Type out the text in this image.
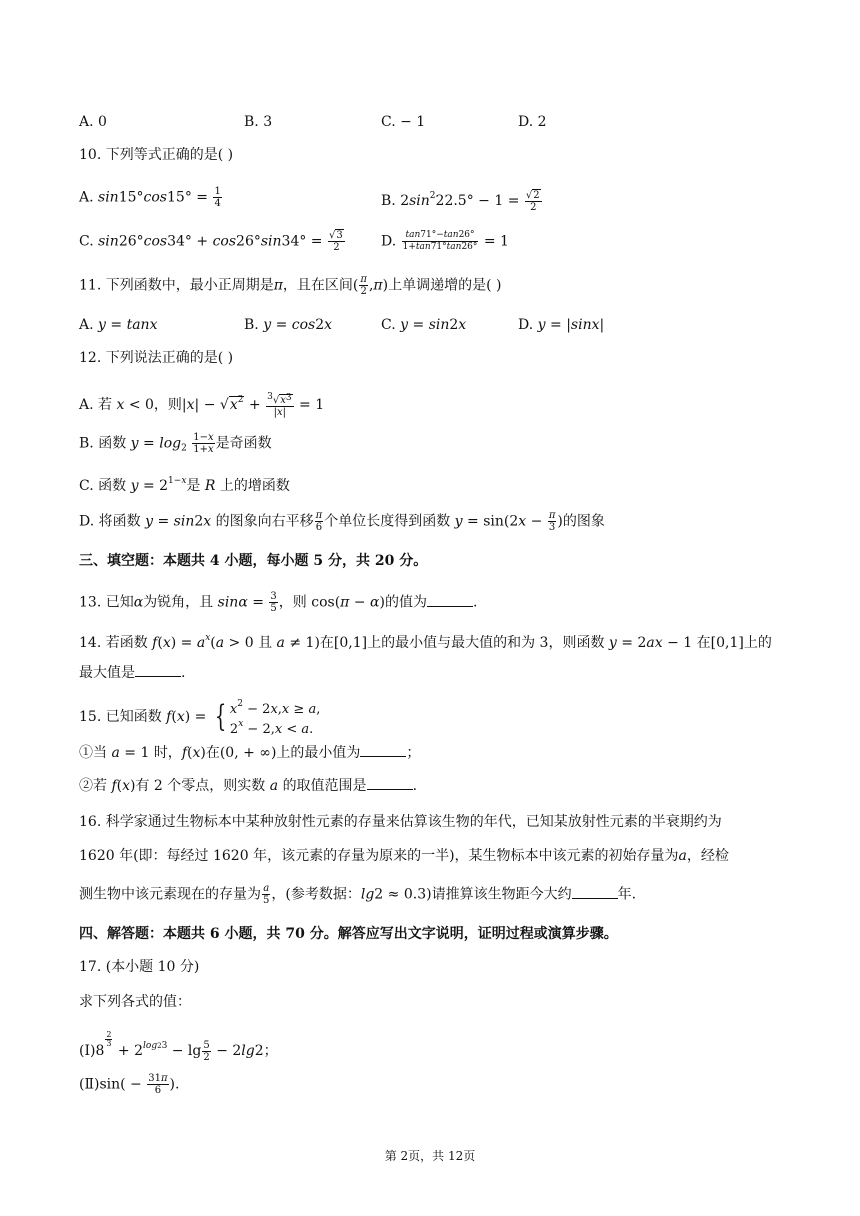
A. 0	B. 3	C. − 1	D. 2
10. 下列等式正确的是( )
A. $\sin 15^\circ\cos 15^\circ = \frac{1}{4}$	B. $2\sin^222.5^\circ - 1 = \frac{√2}{2}$
C. $\sin 26^\circ\cos 34^\circ + \cos 26^\circ\sin 34^\circ = \frac{√3}{2}$	D. $\frac{\tan 71^\circ-\tan 26^\circ}{1+\tan 71^\circ\tan 26^\circ} = 1$
11. 下列函数中，最小正周期是π，且在区间( $\frac{\pi}{2} ,\pi$)上单调递增的是( )
A. y = tanx	B. y = cos2x	C. y = sin2x	D. y = |sinx|
12. 下列说法正确的是( )
A. 若 x < 0，则$|x| - √x^2 + \frac{3√x3}{|x|} = 1$
B. 函数 $y = \log_2 \frac{1-x}{1+x}$ 是奇函数
C. 函数 $y = 2^{1-x}$是 R 上的增函数
D. 将函数 y = sin2x 的图象向右平移 $\frac{\pi}{6}$ 个单位长度得到函数 $y = \sin(2x - \frac{\pi}{3}$ )的图象
三、填空题：本题共 4 小题，每小题 5 分，共 20 分。
13. 已知α为锐角，且 $\sin\alpha = \frac{3}{5}$ ，则 cos(π − α)的值为	.
14. 若函数 $f(x) = a^x(a > 0$ 且 a ≠ 1)在[0,1]上的最小值与最大值的和为 3，则函数 y = 2ax − 1 在[0,1]上的
最大值是	.
15. 已知函数 f(x) = { $x^2 - 2x,x \ge a$,
$2^x - 2,x < a$.
①当 a = 1 时，f(x)在(0, + ∞)上的最小值为	；
②若 f(x)有 2 个零点，则实数 a 的取值范围是	.
16. 科学家通过生物标本中某种放射性元素的存量来估算该生物的年代，已知某放射性元素的半衰期约为
1620 年(即：每经过 1620 年，该元素的存量为原来的一半)，某生物标本中该元素的初始存量为a，经检
测生物中该元素现在的存量为 $\frac{a}{5}$ ，(参考数据：lg2 ≈ 0.3)请推算该生物距今大约	年.
四、解答题：本题共 6 小题，共 70 分。解答应写出文字说明，证明过程或演算步骤。
17. (本小题 10 分)
求下列各式的值：
(Ⅰ)8
$\frac{2}{3}$
+ $2^{log23} - \lg \frac{5}{2} - 2\lg 2$；
(Ⅱ)sin( − $\frac{31\pi}{6}$ ).
第 2页，共 12页
